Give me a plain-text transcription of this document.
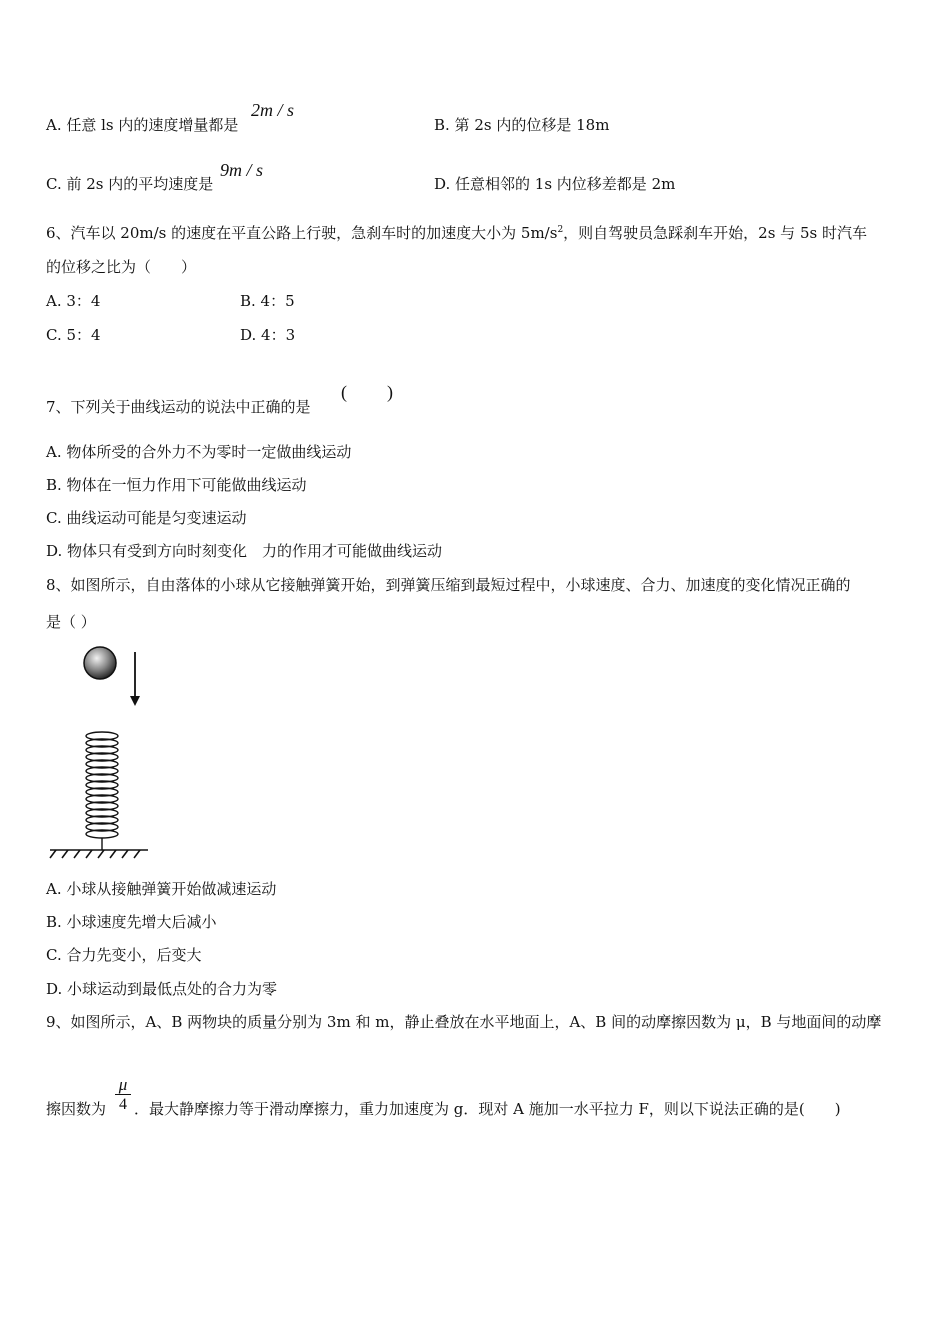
A. 任意 ls 内的速度增量都是
2m / s
B. 第 2s 内的位移是 18m
C. 前 2s 内的平均速度是
9m / s
D. 任意相邻的 1s 内位移差都是 2m
6、汽车以 20m/s 的速度在平直公路上行驶，急刹车时的加速度大小为 $5m/s^2$，则自驾驶员急踩刹车开始，2s 与 5s 时汽车
的位移之比为（　　）
A. 3：4	B. 4：5
C. 5：4	D. 4：3
7、下列关于曲线运动的说法中正确的是
( )
A. 物体所受的合外力不为零时一定做曲线运动
B. 物体在一恒力作用下可能做曲线运动
C. 曲线运动可能是匀变速运动
D. 物体只有受到方向时刻变化　力的作用才可能做曲线运动
8、如图所示，自由落体的小球从它接触弹簧开始，到弹簧压缩到最短过程中，小球速度、合力、加速度的变化情况正确的
是（ ）
A. 小球从接触弹簧开始做减速运动
B. 小球速度先增大后减小
C. 合力先变小，后变大
D. 小球运动到最低点处的合力为零
9、如图所示，A、B 两物块的质量分别为 3m 和 m，静止叠放在水平地面上，A、B 间的动摩擦因数为 μ，B 与地面间的动摩
擦因数为
μ
4 ．最大静摩擦力等于滑动摩擦力，重力加速度为 g．现对 A 施加一水平拉力 F，则以下说法正确的是(　　)
